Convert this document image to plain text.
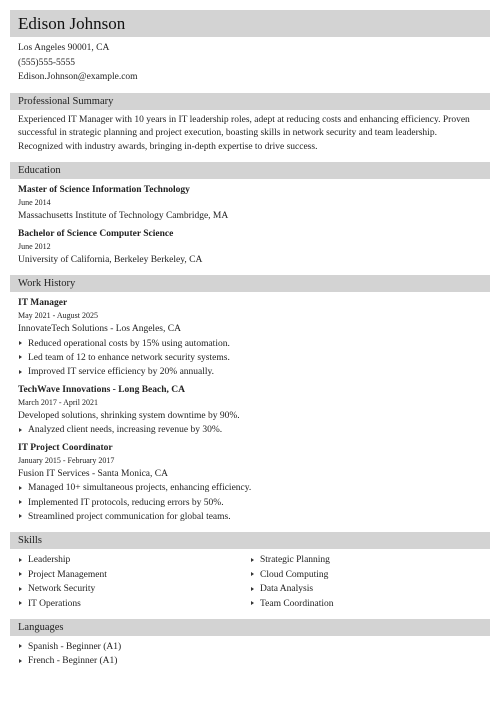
Edison Johnson
Los Angeles 90001, CA
(555)555-5555
Edison.Johnson@example.com
Professional Summary
Experienced IT Manager with 10 years in IT leadership roles, adept at reducing costs and enhancing efficiency. Proven successful in strategic planning and project execution, boasting skills in network security and team leadership. Recognized with industry awards, bringing in-depth expertise to drive success.
Education
Master of Science Information Technology
June 2014
Massachusetts Institute of Technology Cambridge, MA
Bachelor of Science Computer Science
June 2012
University of California, Berkeley Berkeley, CA
Work History
IT Manager
May 2021 - August 2025
InnovateTech Solutions - Los Angeles, CA
Reduced operational costs by 15% using automation.
Led team of 12 to enhance network security systems.
Improved IT service efficiency by 20% annually.
TechWave Innovations - Long Beach, CA
March 2017 - April 2021
Developed solutions, shrinking system downtime by 90%.
Analyzed client needs, increasing revenue by 30%.
IT Project Coordinator
January 2015 - February 2017
Fusion IT Services - Santa Monica, CA
Managed 10+ simultaneous projects, enhancing efficiency.
Implemented IT protocols, reducing errors by 50%.
Streamlined project communication for global teams.
Skills
Leadership
Project Management
Network Security
IT Operations
Strategic Planning
Cloud Computing
Data Analysis
Team Coordination
Languages
Spanish - Beginner (A1)
French - Beginner (A1)
